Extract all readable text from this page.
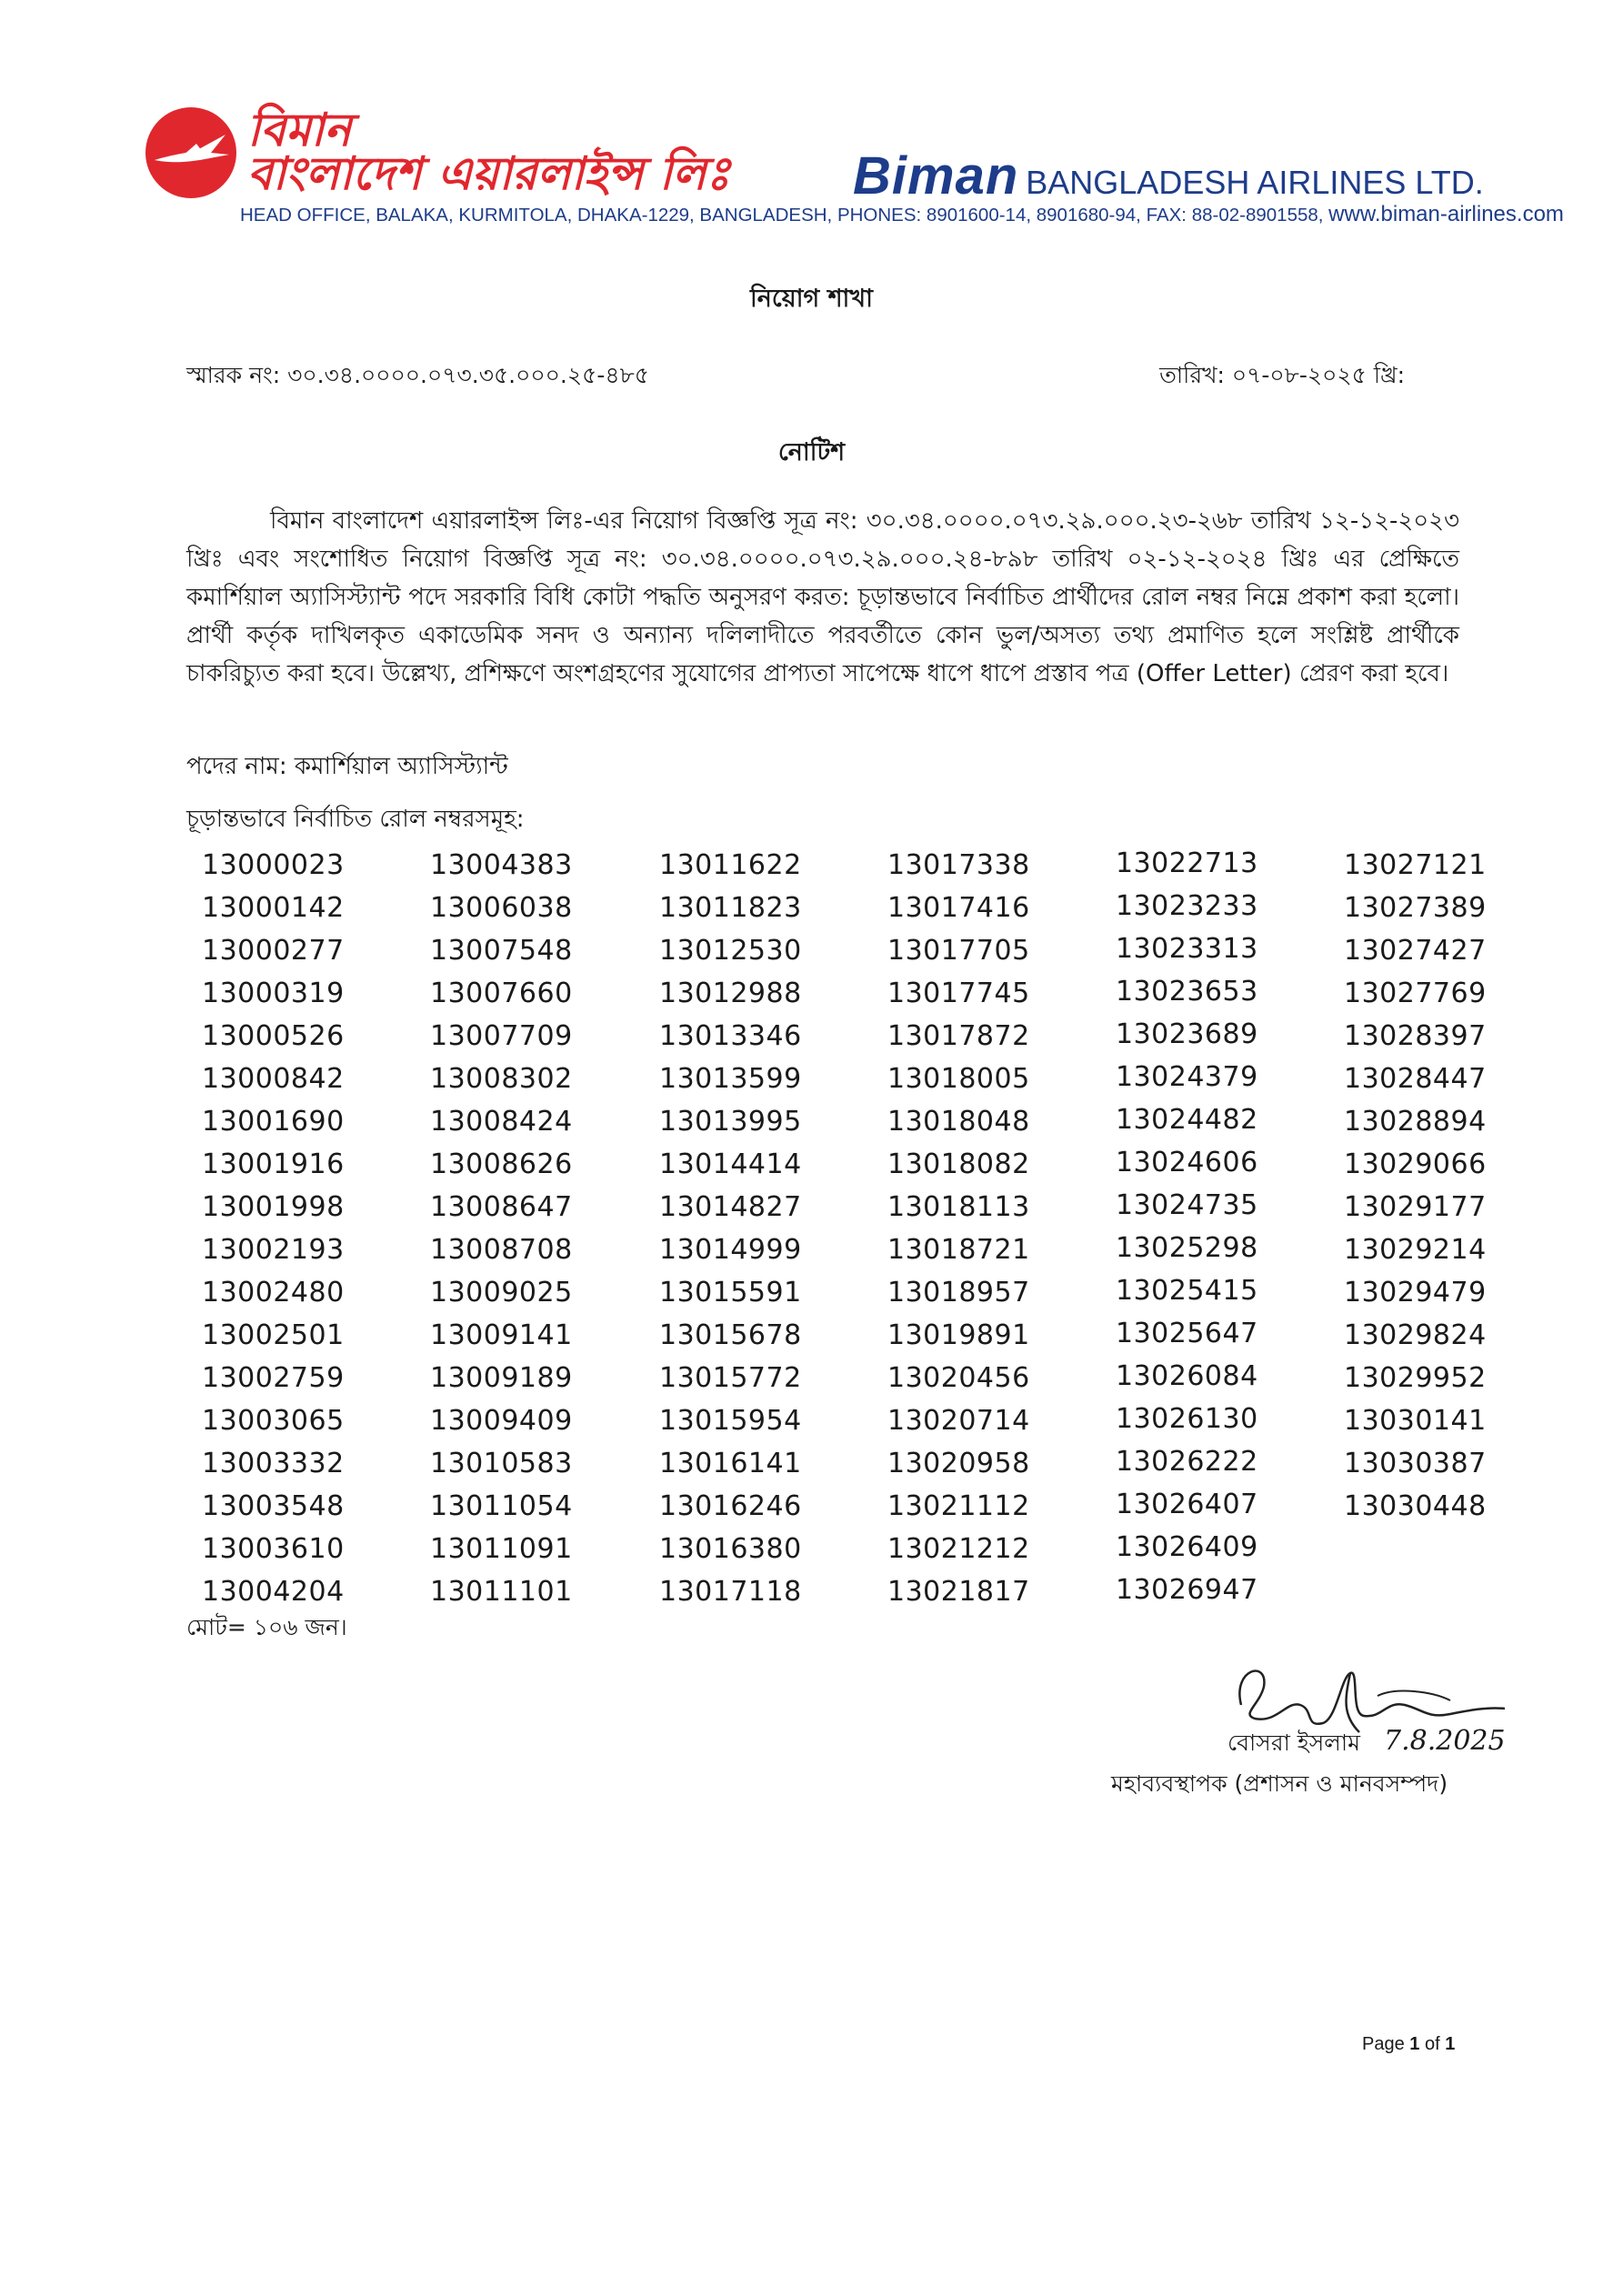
বিমান
বাংলাদেশ এয়ারলাইন্স লিঃ	Biman BANGLADESH AIRLINES LTD.
HEAD OFFICE, BALAKA, KURMITOLA, DHAKA-1229, BANGLADESH, PHONES: 8901600-14, 8901680-94, FAX: 88-02-8901558, www.biman-airlines.com
নিয়োগ শাখা
স্মারক নং: ৩০.৩৪.০০০০.০৭৩.৩৫.০০০.২৫-৪৮৫	তারিখ: ০৭-০৮-২০২৫ খ্রি:
নোটিশ
বিমান বাংলাদেশ এয়ারলাইন্স লিঃ-এর নিয়োগ বিজ্ঞপ্তি সূত্র নং: ৩০.৩৪.০০০০.০৭৩.২৯.০০০.২৩-২৬৮ তারিখ ১২-১২-২০২৩ খ্রিঃ এবং সংশোধিত নিয়োগ বিজ্ঞপ্তি সূত্র নং: ৩০.৩৪.০০০০.০৭৩.২৯.০০০.২৪-৮৯৮ তারিখ ০২-১২-২০২৪ খ্রিঃ এর প্রেক্ষিতে কমার্শিয়াল অ্যাসিস্ট্যান্ট পদে সরকারি বিধি কোটা পদ্ধতি অনুসরণ করত: চূড়ান্তভাবে নির্বাচিত প্রার্থীদের রোল নম্বর নিম্নে প্রকাশ করা হলো। প্রার্থী কর্তৃক দাখিলকৃত একাডেমিক সনদ ও অন্যান্য দলিলাদীতে পরবর্তীতে কোন ভুল/অসত্য তথ্য প্রমাণিত হলে সংশ্লিষ্ট প্রার্থীকে চাকরিচ্যুত করা হবে। উল্লেখ্য, প্রশিক্ষণে অংশগ্রহণের সুযোগের প্রাপ্যতা সাপেক্ষে ধাপে ধাপে প্রস্তাব পত্র (Offer Letter) প্রেরণ করা হবে।
পদের নাম: কমার্শিয়াল অ্যাসিস্ট্যান্ট
চূড়ান্তভাবে নির্বাচিত রোল নম্বরসমূহ:
13000023
13000142
13000277
13000319
13000526
13000842
13001690
13001916
13001998
13002193
13002480
13002501
13002759
13003065
13003332
13003548
13003610
13004204
13004383
13006038
13007548
13007660
13007709
13008302
13008424
13008626
13008647
13008708
13009025
13009141
13009189
13009409
13010583
13011054
13011091
13011101
13011622
13011823
13012530
13012988
13013346
13013599
13013995
13014414
13014827
13014999
13015591
13015678
13015772
13015954
13016141
13016246
13016380
13017118
13017338
13017416
13017705
13017745
13017872
13018005
13018048
13018082
13018113
13018721
13018957
13019891
13020456
13020714
13020958
13021112
13021212
13021817
13022713
13023233
13023313
13023653
13023689
13024379
13024482
13024606
13024735
13025298
13025415
13025647
13026084
13026130
13026222
13026407
13026409
13026947
13027121
13027389
13027427
13027769
13028397
13028447
13028894
13029066
13029177
13029214
13029479
13029824
13029952
13030141
13030387
13030448
মোট= ১০৬ জন।
বোসরা ইসলাম 7.8.2025
মহাব্যবস্থাপক (প্রশাসন ও মানবসম্পদ)
Page 1 of 1
